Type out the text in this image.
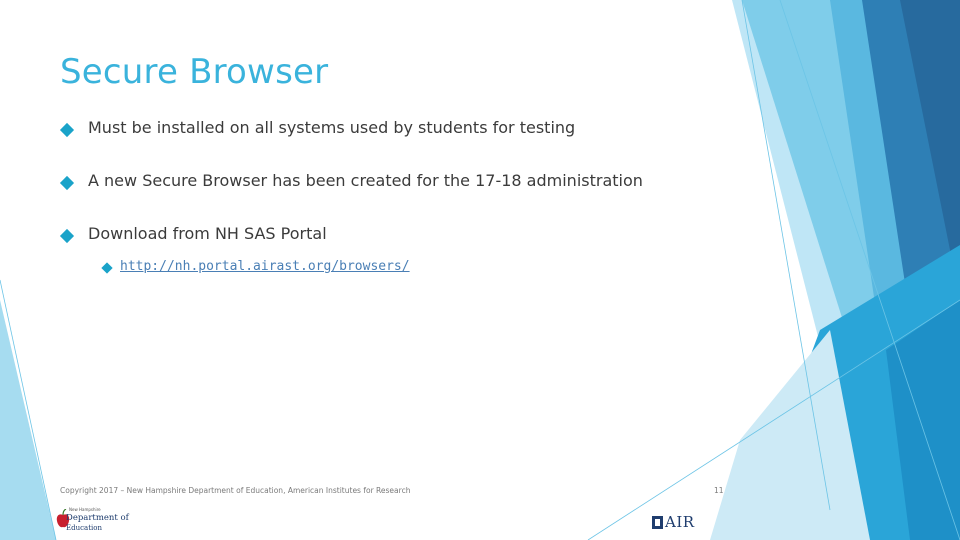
Secure Browser
Must be installed on all systems used by students for testing
A new Secure Browser has been created for the 17-18 administration
Download from NH SAS Portal
http://nh.portal.airast.org/browsers/
Copyright 2017 – New Hampshire Department of Education, American Institutes for Research	11
New Hampshire
Department of
Education	AIR
